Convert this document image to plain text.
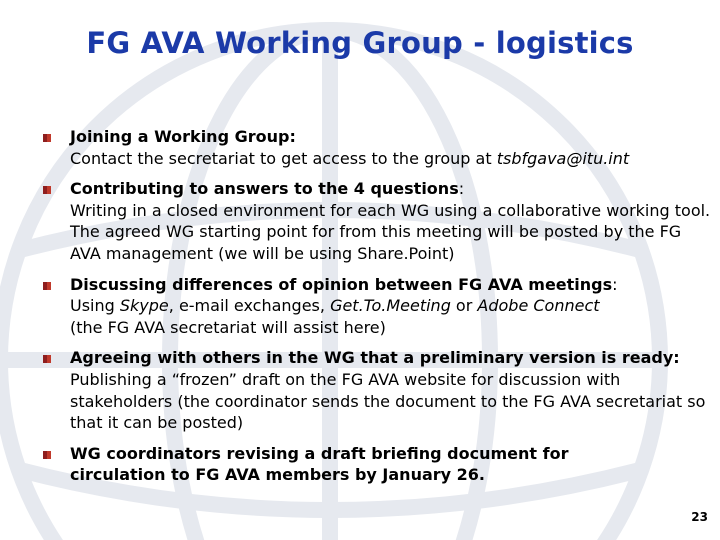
FG AVA Working Group - logistics
Joining a Working Group:
Contact the secretariat to get access to the group at tsbfgava@itu.int
Contributing to answers to the 4 questions:
Writing in a closed environment for each WG using a collaborative working tool. The agreed WG starting point for from this meeting will be posted by the FG AVA management (we will be using Share.Point)
Discussing differences of opinion between FG AVA meetings:
Using Skype, e-mail exchanges, Get.To.Meeting or Adobe Connect
(the FG AVA secretariat will assist here)
Agreeing with others in the WG that a preliminary version is ready: Publishing a “frozen” draft on the FG AVA website for discussion with stakeholders (the coordinator sends the document to the FG AVA secretariat so that it can be posted)
WG coordinators revising a draft briefing document for circulation to FG AVA members by January 26.
23
